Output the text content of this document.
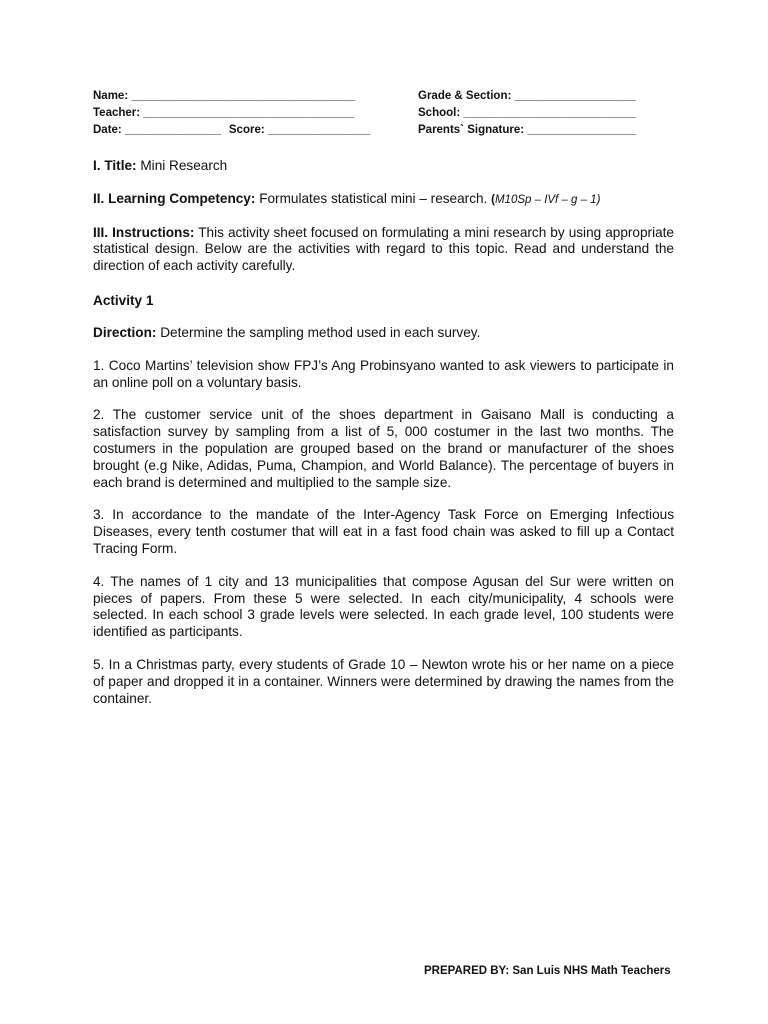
Name: ___________________________________	Grade & Section: ___________________
Teacher: _________________________________	School: ___________________________
Date: _______________ Score: ________________	Parents` Signature: _________________
I. Title: Mini Research
II. Learning Competency: Formulates statistical mini – research. (M10Sp – IVf – g – 1)
III. Instructions: This activity sheet focused on formulating a mini research by using appropriate statistical design. Below are the activities with regard to this topic. Read and understand the direction of each activity carefully.
Activity 1
Direction: Determine the sampling method used in each survey.
1. Coco Martins’ television show FPJ’s Ang Probinsyano wanted to ask viewers to participate in an online poll on a voluntary basis.
2. The customer service unit of the shoes department in Gaisano Mall is conducting a satisfaction survey by sampling from a list of 5, 000 costumer in the last two months. The costumers in the population are grouped based on the brand or manufacturer of the shoes brought (e.g Nike, Adidas, Puma, Champion, and World Balance). The percentage of buyers in each brand is determined and multiplied to the sample size.
3. In accordance to the mandate of the Inter-Agency Task Force on Emerging Infectious Diseases, every tenth costumer that will eat in a fast food chain was asked to fill up a Contact Tracing Form.
4. The names of 1 city and 13 municipalities that compose Agusan del Sur were written on pieces of papers. From these 5 were selected. In each city/municipality, 4 schools were selected. In each school 3 grade levels were selected. In each grade level, 100 students were identified as participants.
5. In a Christmas party, every students of Grade 10 – Newton wrote his or her name on a piece of paper and dropped it in a container. Winners were determined by drawing the names from the container.
PREPARED BY: San Luis NHS Math Teachers
